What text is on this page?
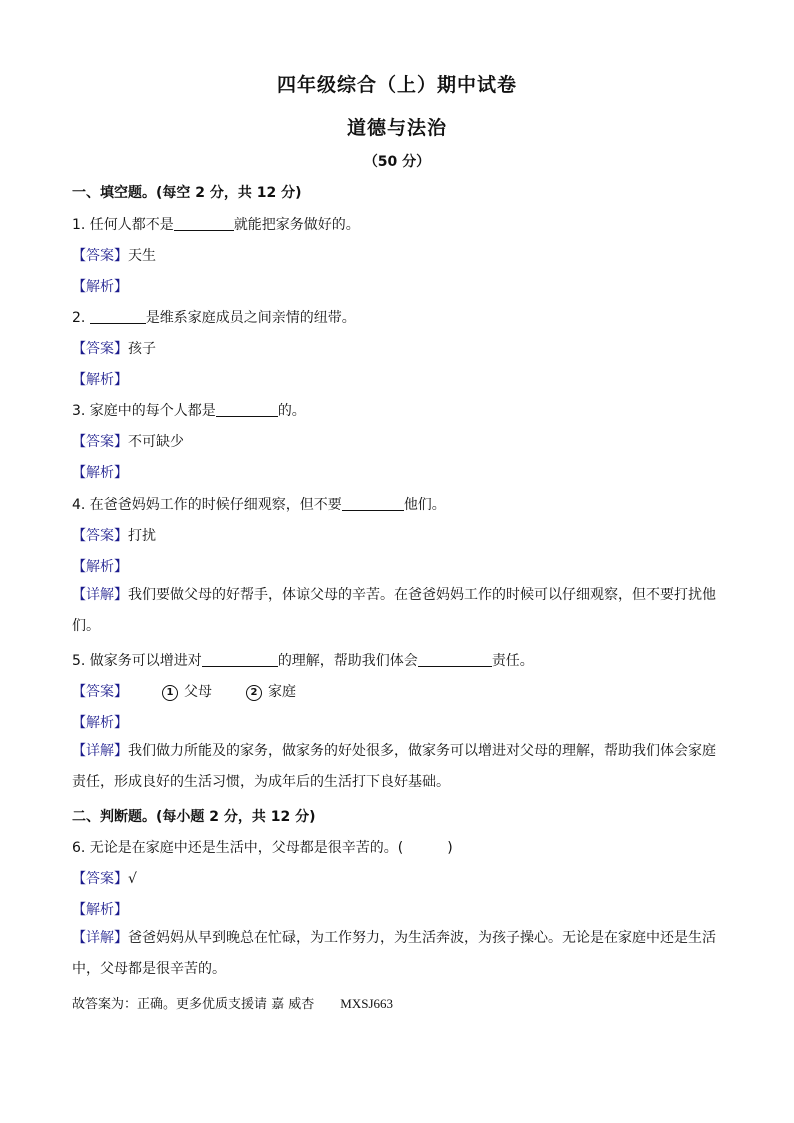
四年级综合（上）期中试卷
道德与法治
（50 分）
一、填空题。(每空 2 分，共 12 分)
1. 任何人都不是	就能把家务做好的。
【答案】天生
【解析】
2.	是维系家庭成员之间亲情的纽带。
【答案】孩子
【解析】
3. 家庭中的每个人都是	的。
【答案】不可缺少
【解析】
4. 在爸爸妈妈工作的时候仔细观察，但不要	他们。
【答案】打扰
【解析】
【详解】我们要做父母的好帮手，体谅父母的辛苦。在爸爸妈妈工作的时候可以仔细观察，但不要打扰他们。
5. 做家务可以增进对	的理解，帮助我们体会	责任。
【答案】	1 父母	2 家庭
【解析】
【详解】我们做力所能及的家务，做家务的好处很多，做家务可以增进对父母的理解，帮助我们体会家庭责任，形成良好的生活习惯，为成年后的生活打下良好基础。
二、判断题。(每小题 2 分，共 12 分)
6. 无论是在家庭中还是生活中，父母都是很辛苦的。(	)
【答案】√
【解析】
【详解】爸爸妈妈从早到晚总在忙碌，为工作努力，为生活奔波，为孩子操心。无论是在家庭中还是生活中，父母都是很辛苦的。
故答案为：正确。更多优质支援请 嘉 威杏 MXSJ663
